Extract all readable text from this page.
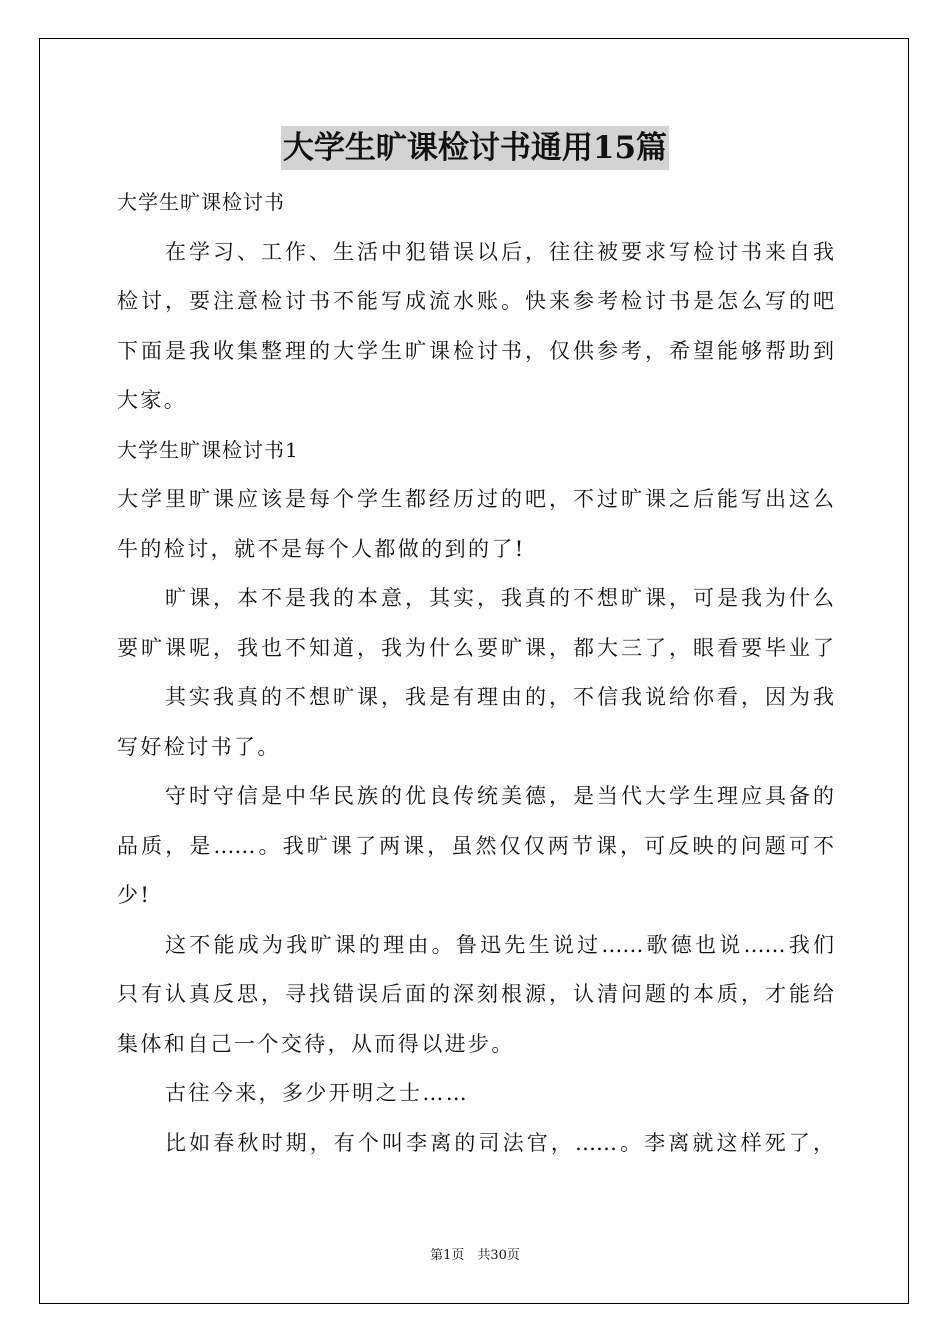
大学生旷课检讨书通用15篇
大学生旷课检讨书
在学习、工作、生活中犯错误以后，往往被要求写检讨书来自我
检讨，要注意检讨书不能写成流水账。快来参考检讨书是怎么写的吧
下面是我收集整理的大学生旷课检讨书，仅供参考，希望能够帮助到
大家。
大学生旷课检讨书1
大学里旷课应该是每个学生都经历过的吧，不过旷课之后能写出这么
牛的检讨，就不是每个人都做的到的了!
旷课，本不是我的本意，其实，我真的不想旷课，可是我为什么
要旷课呢，我也不知道，我为什么要旷课，都大三了，眼看要毕业了
其实我真的不想旷课，我是有理由的，不信我说给你看，因为我
写好检讨书了。
守时守信是中华民族的优良传统美德，是当代大学生理应具备的
品质，是……。我旷课了两课，虽然仅仅两节课，可反映的问题可不
少!
这不能成为我旷课的理由。鲁迅先生说过……歌德也说……我们
只有认真反思，寻找错误后面的深刻根源，认清问题的本质，才能给
集体和自己一个交待，从而得以进步。
古往今来，多少开明之士……
比如春秋时期，有个叫李离的司法官，……。李离就这样死了，
第1页　共30页
